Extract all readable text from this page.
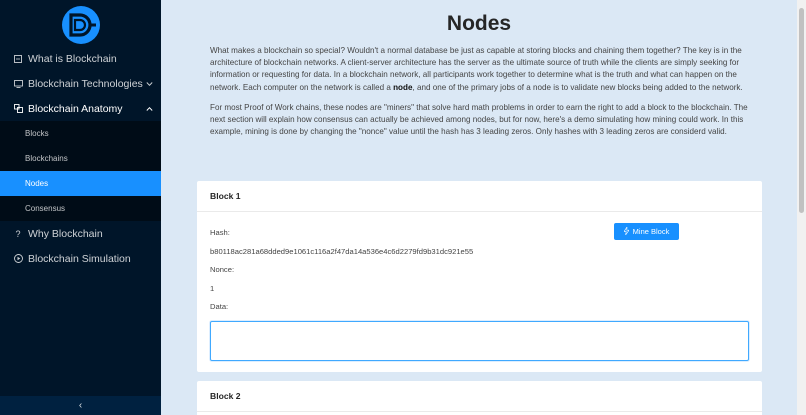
What is Blockchain
Blockchain Technologies
Blockchain Anatomy
Blocks
Blockchains
Nodes
Consensus
? Why Blockchain
Blockchain Simulation
‹
Nodes

What makes a blockchain so special? Wouldn't a normal database be just as capable at storing blocks and chaining them together? The key is in the architecture of blockchain networks. A client-server architecture has the server as the ultimate source of truth while the clients are simply seeking for information or requesting for data. In a blockchain network, all participants work together to determine what is the truth and what can happen on the network. Each computer on the network is called a node, and one of the primary jobs of a node is to validate new blocks being added to the network.

For most Proof of Work chains, these nodes are "miners" that solve hard math problems in order to earn the right to add a block to the blockchain. The next section will explain how consensus can actually be achieved among nodes, but for now, here's a demo simulating how mining could work. In this example, mining is done by changing the "nonce" value until the hash has 3 leading zeros. Only hashes with 3 leading zeros are considerd valid.

Block 1
Hash:
b80118ac281a68dded9e1061c116a2f47da14a536e4c6d2279fd9b31dc921e55
Nonce:
1
Data:
Mine Block
Block 2
